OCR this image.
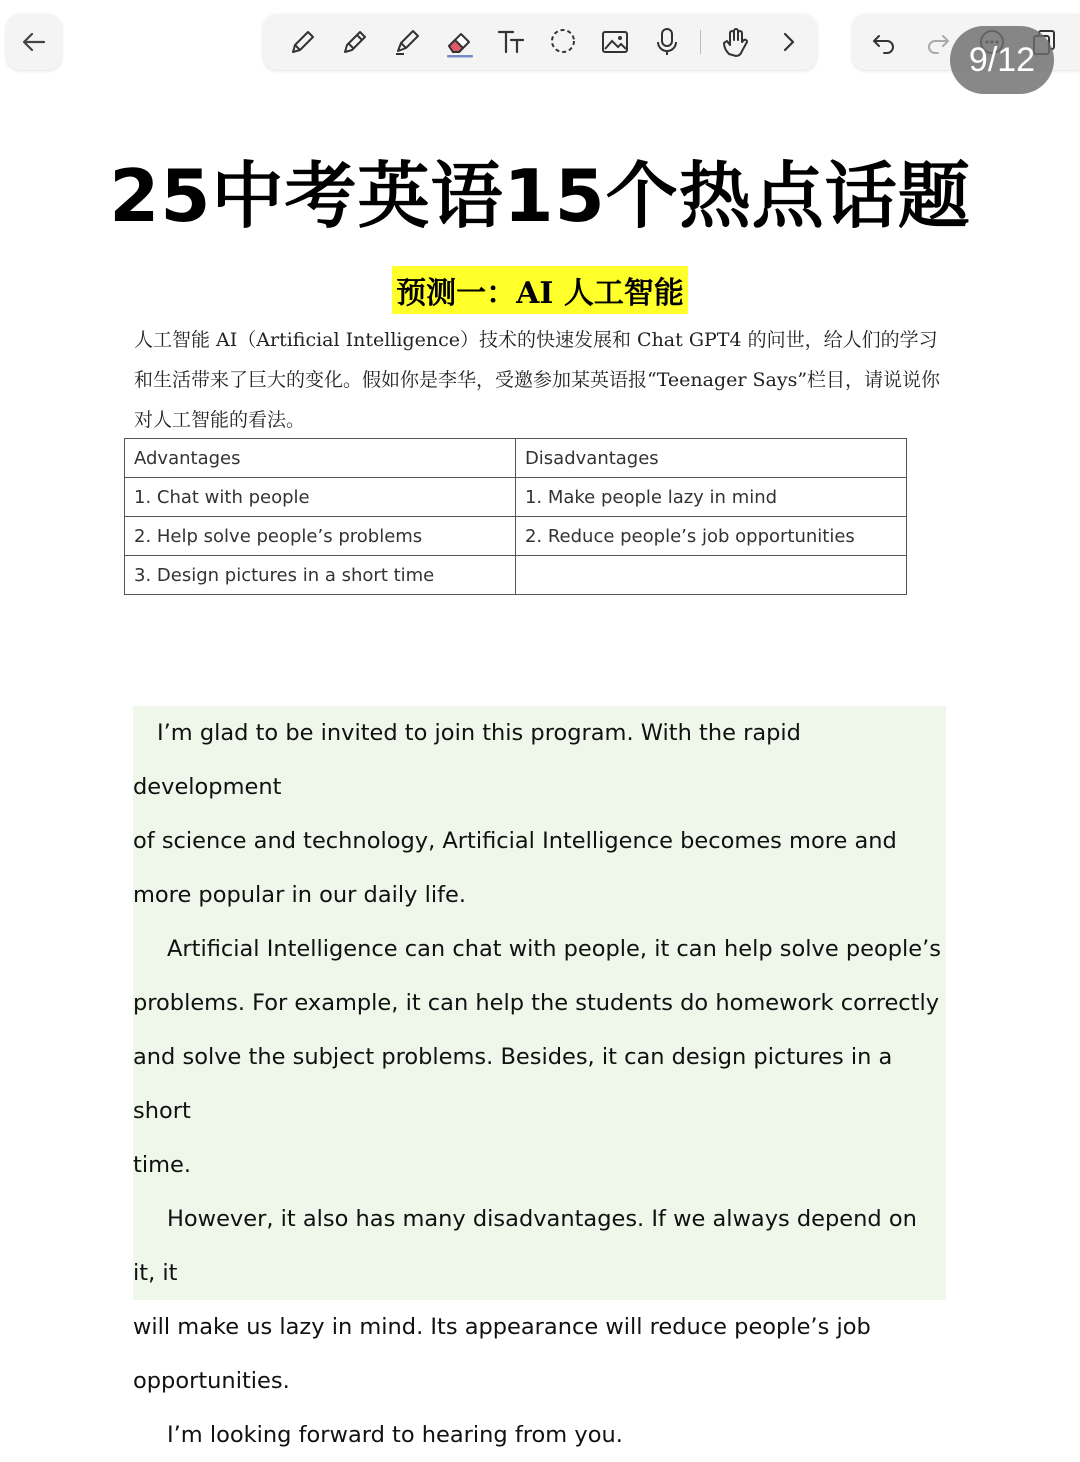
9/12
25中考英语15个热点话题
预测一：AI 人工智能
人工智能 AI（Artificial Intelligence）技术的快速发展和 Chat GPT4 的问世，给人们的学习和生活带来了巨大的变化。假如你是李华，受邀参加某英语报“Teenager Says”栏目，请说说你对人工智能的看法。
Advantages	Disadvantages
1. Chat with people	1. Make people lazy in mind
2. Help solve people’s problems	2. Reduce people’s job opportunities
3. Design pictures in a short time	

I’m glad to be invited to join this program. With the rapid development
of science and technology, Artificial Intelligence becomes more and
more popular in our daily life.

Artificial Intelligence can chat with people, it can help solve people’s
problems. For example, it can help the students do homework correctly
and solve the subject problems. Besides, it can design pictures in a short
time.

However, it also has many disadvantages. If we always depend on it, it
will make us lazy in mind. Its appearance will reduce people’s job
opportunities.

I’m looking forward to hearing from you.
